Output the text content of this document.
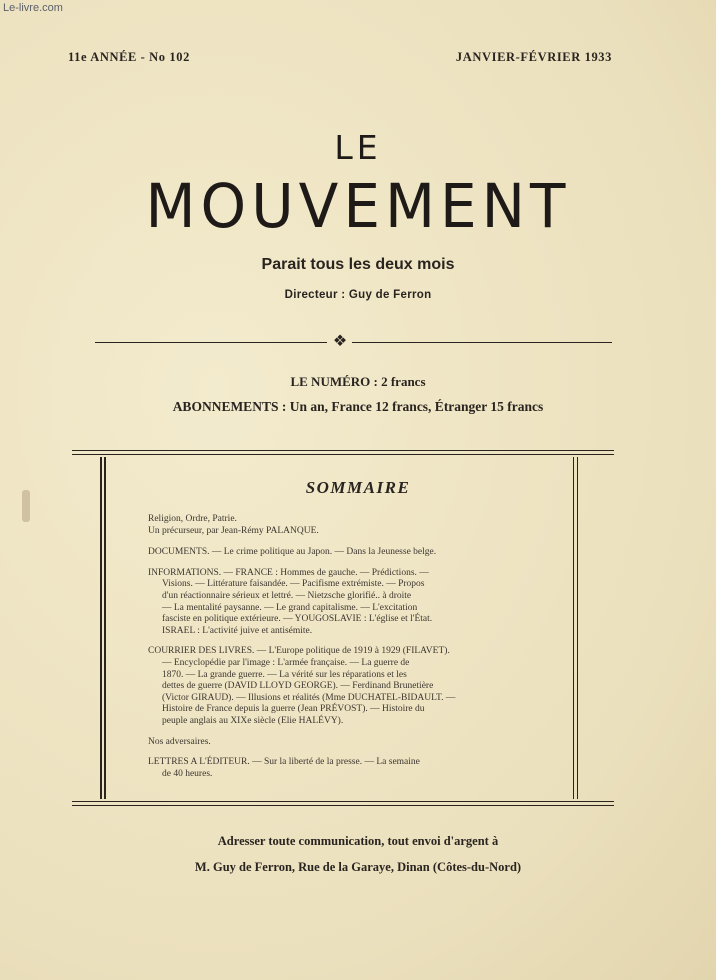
Le-livre.com
11e ANNÉE - No 102	JANVIER-FÉVRIER 1933
LE
MOUVEMENT
Parait tous les deux mois
Directeur : Guy de Ferron
❖
LE NUMÉRO : 2 francs
ABONNEMENTS : Un an, France 12 francs, Étranger 15 francs
SOMMAIRE

Religion, Ordre, Patrie.

Un précurseur, par Jean-Rémy PALANQUE.

DOCUMENTS. — Le crime politique au Japon. — Dans la Jeunesse belge.

INFORMATIONS. — FRANCE : Hommes de gauche. — Prédictions. —

Visions. — Littérature faisandée. — Pacifisme extrémiste. — Propos

d'un réactionnaire sérieux et lettré. — Nietzsche glorifié.. à droite

— La mentalité paysanne. — Le grand capitalisme. — L'excitation

fasciste en politique extérieure. — YOUGOSLAVIE : L'église et l'État.

ISRAEL : L'activité juive et antisémite.

COURRIER DES LIVRES. — L'Europe politique de 1919 à 1929 (FILAVET).

— Encyclopédie par l'image : L'armée française. — La guerre de

1870. — La grande guerre. — La vérité sur les réparations et les

dettes de guerre (DAVID LLOYD GEORGE). — Ferdinand Brunetière

(Victor GIRAUD). — Illusions et réalités (Mme DUCHATEL-BIDAULT. —

Histoire de France depuis la guerre (Jean PRÉVOST). — Histoire du

peuple anglais au XIXe siècle (Elie HALÉVY).

Nos adversaires.

LETTRES A L'ÉDITEUR. — Sur la liberté de la presse. — La semaine

de 40 heures.

Adresser toute communication, tout envoi d'argent à
M. Guy de Ferron, Rue de la Garaye, Dinan (Côtes-du-Nord)
